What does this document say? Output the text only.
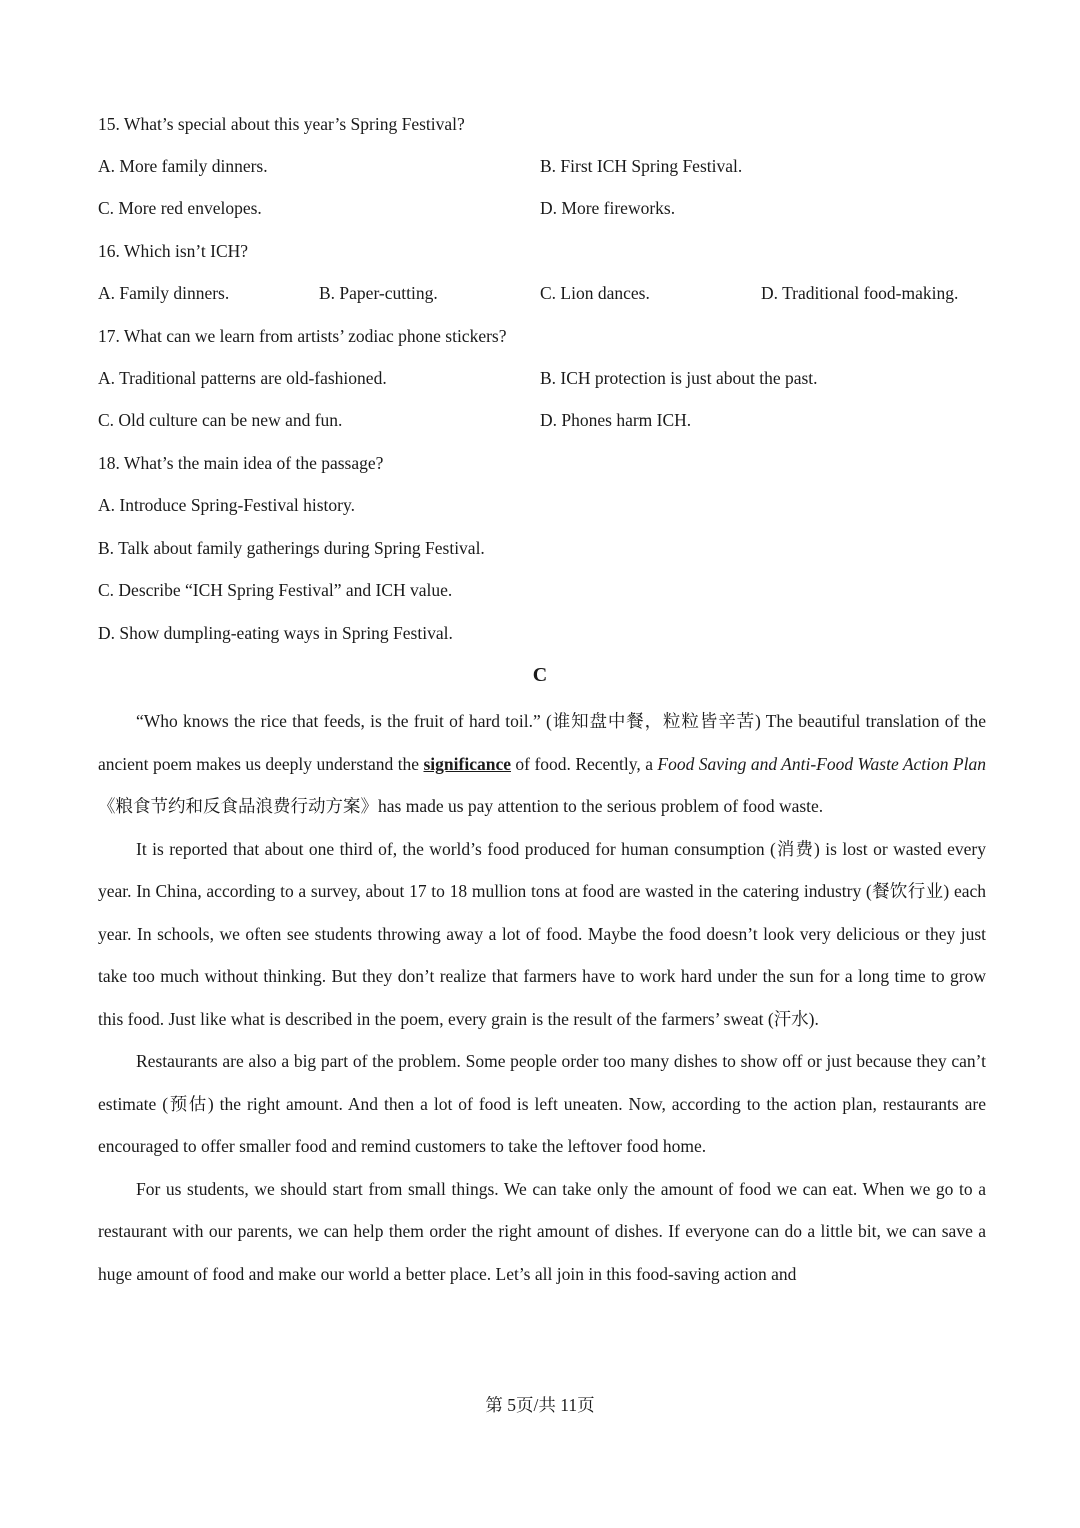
15. What’s special about this year’s Spring Festival?
A. More family dinners.	B. First ICH Spring Festival.
C. More red envelopes.	D. More fireworks.
16. Which isn’t ICH?
A. Family dinners.	B. Paper-cutting.	C. Lion dances.	D. Traditional food-making.
17. What can we learn from artists’ zodiac phone stickers?
A. Traditional patterns are old-fashioned.	B. ICH protection is just about the past.
C. Old culture can be new and fun.	D. Phones harm ICH.
18. What’s the main idea of the passage?
A. Introduce Spring-Festival history.
B. Talk about family gatherings during Spring Festival.
C. Describe “ICH Spring Festival” and ICH value.
D. Show dumpling-eating ways in Spring Festival.
C

“Who knows the rice that feeds, is the fruit of hard toil.” (谁知盘中餐，粒粒皆辛苦) The beautiful translation of the ancient poem makes us deeply understand the significance of food. Recently, a Food Saving and Anti-Food Waste Action Plan《粮食节约和反食品浪费行动方案》has made us pay attention to the serious problem of food waste.

It is reported that about one third of, the world’s food produced for human consumption (消费) is lost or wasted every year. In China, according to a survey, about 17 to 18 mullion tons at food are wasted in the catering industry (餐饮行业) each year. In schools, we often see students throwing away a lot of food. Maybe the food doesn’t look very delicious or they just take too much without thinking. But they don’t realize that farmers have to work hard under the sun for a long time to grow this food. Just like what is described in the poem, every grain is the result of the farmers’ sweat (汗水).

Restaurants are also a big part of the problem. Some people order too many dishes to show off or just because they can’t estimate (预估) the right amount. And then a lot of food is left uneaten. Now, according to the action plan, restaurants are encouraged to offer smaller food and remind customers to take the leftover food home.

For us students, we should start from small things. We can take only the amount of food we can eat. When we go to a restaurant with our parents, we can help them order the right amount of dishes. If everyone can do a little bit, we can save a huge amount of food and make our world a better place. Let’s all join in this food-saving action and

第 5页/共 11页
